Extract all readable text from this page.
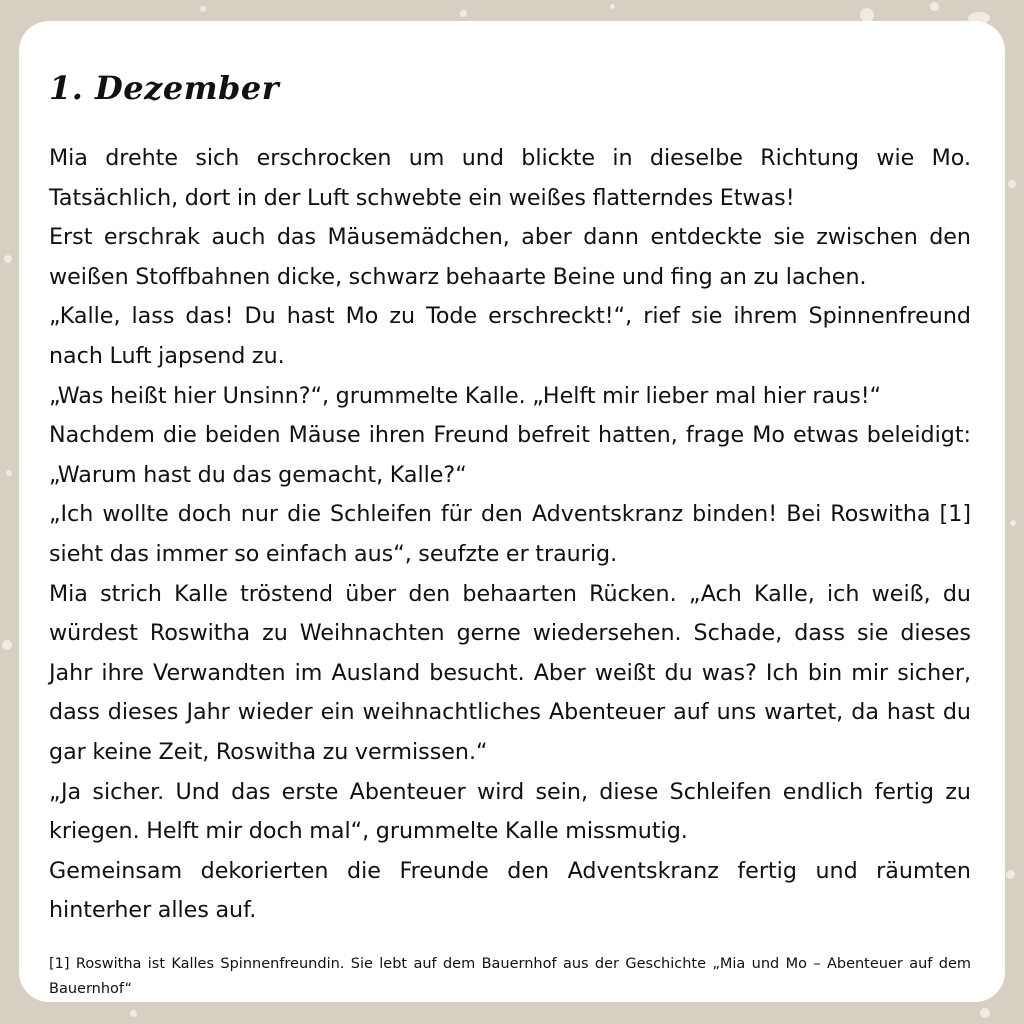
1. Dezember

Mia drehte sich erschrocken um und blickte in dieselbe Richtung wie Mo. Tatsächlich, dort in der Luft schwebte ein weißes flatterndes Etwas!

Erst erschrak auch das Mäusemädchen, aber dann entdeckte sie zwischen den weißen Stoffbahnen dicke, schwarz behaarte Beine und fing an zu lachen.

„Kalle, lass das! Du hast Mo zu Tode erschreckt!“, rief sie ihrem Spinnenfreund nach Luft japsend zu.

„Was heißt hier Unsinn?“, grummelte Kalle. „Helft mir lieber mal hier raus!“

Nachdem die beiden Mäuse ihren Freund befreit hatten, frage Mo etwas beleidigt: „Warum hast du das gemacht, Kalle?“

„Ich wollte doch nur die Schleifen für den Adventskranz binden! Bei Roswitha [1] sieht das immer so einfach aus“, seufzte er traurig.

Mia strich Kalle tröstend über den behaarten Rücken. „Ach Kalle, ich weiß, du würdest Roswitha zu Weihnachten gerne wiedersehen. Schade, dass sie dieses Jahr ihre Verwandten im Ausland besucht. Aber weißt du was? Ich bin mir sicher, dass dieses Jahr wieder ein weihnachtliches Abenteuer auf uns wartet, da hast du gar keine Zeit, Roswitha zu vermissen.“

„Ja sicher. Und das erste Abenteuer wird sein, diese Schleifen endlich fertig zu kriegen. Helft mir doch mal“, grummelte Kalle missmutig.

Gemeinsam dekorierten die Freunde den Adventskranz fertig und räumten hinterher alles auf.

[1] Roswitha ist Kalles Spinnenfreundin. Sie lebt auf dem Bauernhof aus der Geschichte „Mia und Mo – Abenteuer auf dem Bauernhof“
